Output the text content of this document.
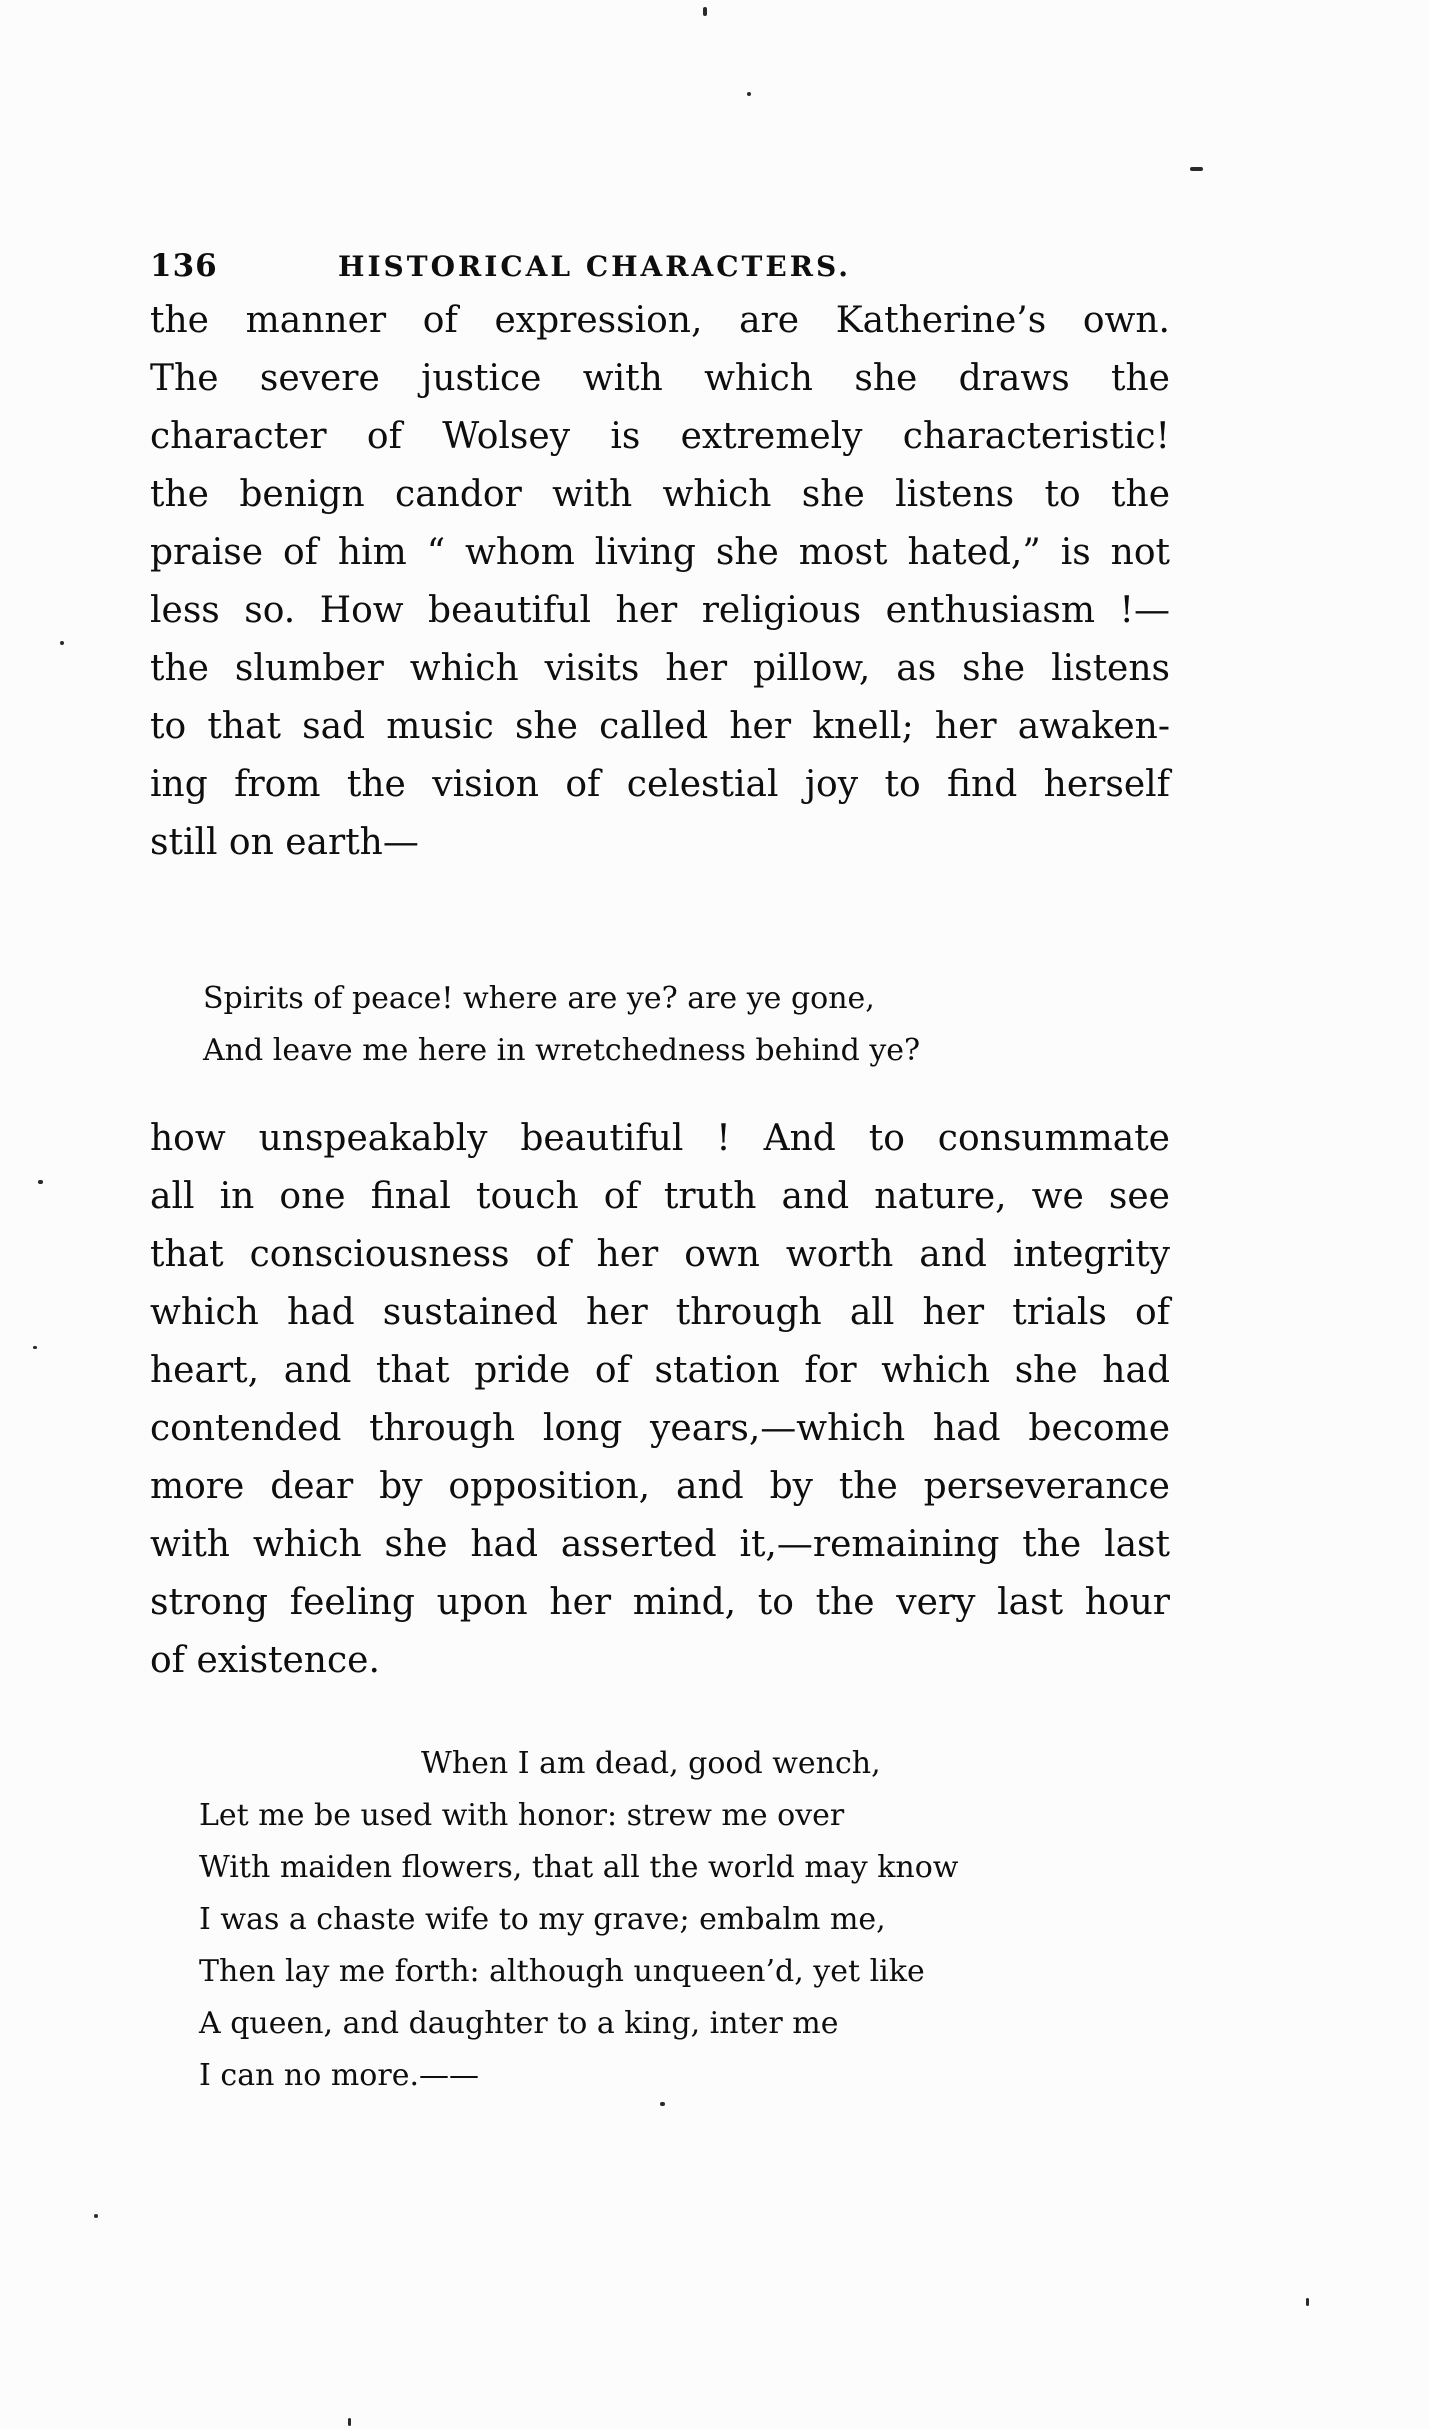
136	HISTORICAL CHARACTERS.
the manner of expression, are Katherine’s own.
The severe justice with which she draws the
character of Wolsey is extremely characteristic!
the benign candor with which she listens to the
praise of him “ whom living she most hated,” is not
less so. How beautiful her religious enthusiasm !—
the slumber which visits her pillow, as she listens
to that sad music she called her knell; her awaken-
ing from the vision of celestial joy to find herself
still on earth—
Spirits of peace! where are ye? are ye gone,
And leave me here in wretchedness behind ye?
how unspeakably beautiful ! And to consummate
all in one final touch of truth and nature, we see
that consciousness of her own worth and integrity
which had sustained her through all her trials of
heart, and that pride of station for which she had
contended through long years,—which had become
more dear by opposition, and by the perseverance
with which she had asserted it,—remaining the last
strong feeling upon her mind, to the very last hour
of existence.
When I am dead, good wench,
Let me be used with honor: strew me over
With maiden flowers, that all the world may know
I was a chaste wife to my grave; embalm me,
Then lay me forth: although unqueen’d, yet like
A queen, and daughter to a king, inter me
I can no more.——
